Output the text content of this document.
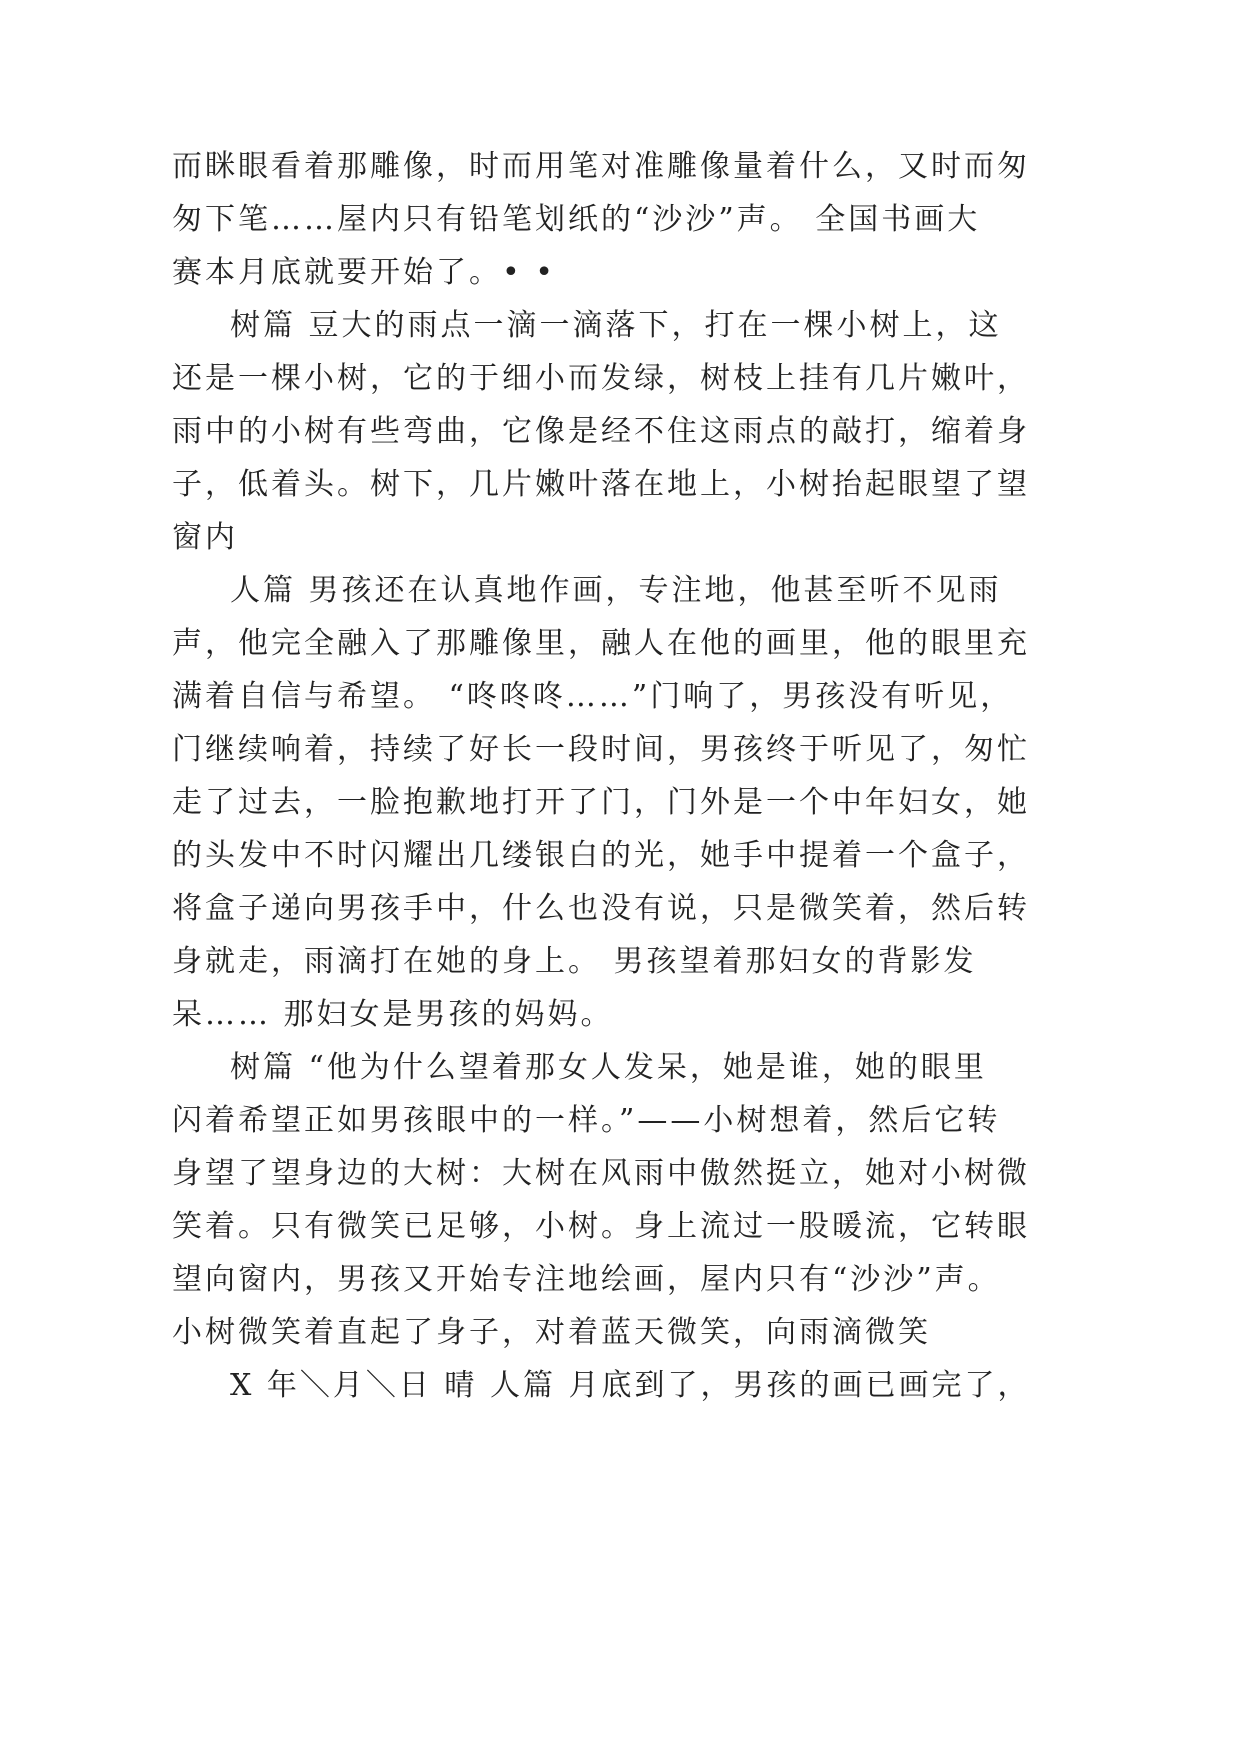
而眯眼看着那雕像，时而用笔对准雕像量着什么，又时而匆
匆下笔……屋内只有铅笔划纸的“沙沙”声。 全国书画大
赛本月底就要开始了。• •
树篇 豆大的雨点一滴一滴落下，打在一棵小树上，这
还是一棵小树，它的于细小而发绿，树枝上挂有几片嫩叶，
雨中的小树有些弯曲，它像是经不住这雨点的敲打，缩着身
子，低着头。树下，几片嫩叶落在地上，小树抬起眼望了望
窗内
人篇 男孩还在认真地作画，专注地，他甚至听不见雨
声，他完全融入了那雕像里，融人在他的画里，他的眼里充
满着自信与希望。 “咚咚咚……”门响了，男孩没有听见，
门继续响着，持续了好长一段时间，男孩终于听见了，匆忙
走了过去，一脸抱歉地打开了门，门外是一个中年妇女，她
的头发中不时闪耀出几缕银白的光，她手中提着一个盒子，
将盒子递向男孩手中，什么也没有说，只是微笑着，然后转
身就走，雨滴打在她的身上。 男孩望着那妇女的背影发
呆…… 那妇女是男孩的妈妈。
树篇 “他为什么望着那女人发呆，她是谁，她的眼里
闪着希望正如男孩眼中的一样。”——小树想着，然后它转
身望了望身边的大树：大树在风雨中傲然挺立，她对小树微
笑着。只有微笑已足够，小树。身上流过一股暖流，它转眼
望向窗内，男孩又开始专注地绘画，屋内只有“沙沙”声。
小树微笑着直起了身子，对着蓝天微笑，向雨滴微笑
X 年＼月＼日 晴 人篇 月底到了，男孩的画已画完了，
